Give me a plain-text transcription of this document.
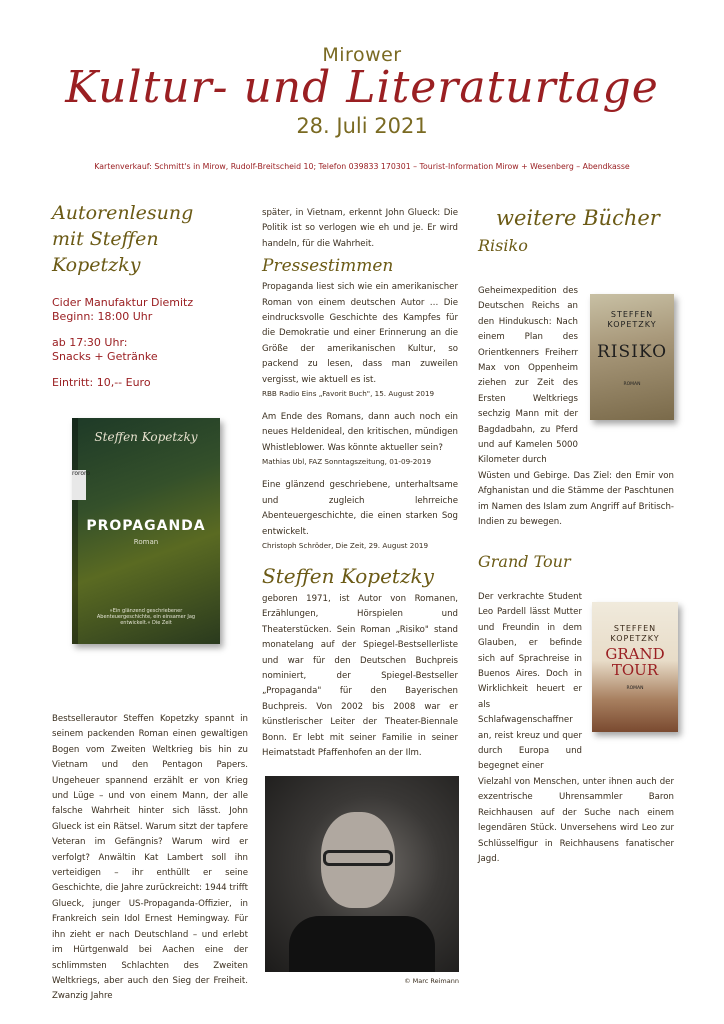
Mirower
Kultur- und Literaturtage
28. Juli 2021
Kartenverkauf: Schmitt's in Mirow, Rudolf-Breitscheid 10; Telefon 039833 170301 – Tourist-Information Mirow + Wesenberg – Abendkasse
Autorenlesung
mit Steffen Kopetzky

Cider Manufaktur Diemitz
Beginn: 18:00 Uhr

ab 17:30 Uhr:
Snacks + Getränke

Eintritt: 10,-- Euro

rororo
Steffen Kopetzky
PROPAGANDA
Roman
»Ein glänzend geschriebener Abenteuergeschichte, ein einsamer Jag entwickelt.« Die Zeit
Bestsellerautor Steffen Kopetzky spannt in seinem packenden Roman einen gewaltigen Bogen vom Zweiten Weltkrieg bis hin zu Vietnam und den Pentagon Papers. Ungeheuer spannend erzählt er von Krieg und Lüge – und von einem Mann, der alle falsche Wahrheit hinter sich lässt. John Glueck ist ein Rätsel. Warum sitzt der tapfere Veteran im Gefängnis? Warum wird er verfolgt? Anwältin Kat Lambert soll ihn verteidigen – ihr enthüllt er seine Geschichte, die Jahre zurückreicht: 1944 trifft Glueck, junger US-Propaganda-Offizier, in Frankreich sein Idol Ernest Hemingway. Für ihn zieht er nach Deutschland – und erlebt im Hürtgenwald bei Aachen eine der schlimmsten Schlachten des Zweiten Weltkriegs, aber auch den Sieg der Freiheit. Zwanzig Jahre
später, in Vietnam, erkennt John Glueck: Die Politik ist so verlogen wie eh und je. Er wird handeln, für die Wahrheit.
Pressestimmen
Propaganda liest sich wie ein amerikanischer Roman von einem deutschen Autor … Die eindrucksvolle Geschichte des Kampfes für die Demokratie und einer Erinnerung an die Größe der amerikanischen Kultur, so packend zu lesen, dass man zuweilen vergisst, wie aktuell es ist.
RBB Radio Eins „Favorit Buch", 15. August 2019
Am Ende des Romans, dann auch noch ein neues Heldenideal, den kritischen, mündigen Whistleblower. Was könnte aktueller sein?
Mathias Ubl, FAZ Sonntagszeitung, 01-09-2019
Eine glänzend geschriebene, unterhaltsame und zugleich lehrreiche Abenteuergeschichte, die einen starken Sog entwickelt.
Christoph Schröder, Die Zeit, 29. August 2019
Steffen Kopetzky
geboren 1971, ist Autor von Romanen, Erzählungen, Hörspielen und Theaterstücken. Sein Roman „Risiko" stand monatelang auf der Spiegel-Bestsellerliste und war für den Deutschen Buchpreis nominiert, der Spiegel-Bestseller „Propaganda" für den Bayerischen Buchpreis. Von 2002 bis 2008 war er künstlerischer Leiter der Theater-Biennale Bonn. Er lebt mit seiner Familie in seiner Heimatstadt Pfaffenhofen an der Ilm.
© Marc Reimann
weitere Bücher
Risiko
Geheimexpedition des Deutschen Reichs an den Hindukusch: Nach einem Plan des Orientkenners Freiherr Max von Oppenheim ziehen zur Zeit des Ersten Weltkriegs sechzig Mann mit der Bagdadbahn, zu Pferd und auf Kamelen 5000 Kilometer durch
Wüsten und Gebirge. Das Ziel: den Emir von Afghanistan und die Stämme der Paschtunen im Namen des Islam zum Angriff auf Britisch-Indien zu bewegen.
STEFFEN KOPETZKY
RISIKO
ROMAN
Grand Tour
Der verkrachte Student Leo Pardell lässt Mutter und Freundin in dem Glauben, er befinde sich auf Sprachreise in Buenos Aires. Doch in Wirklichkeit heuert er als Schlafwagenschaffner an, reist kreuz und quer durch Europa und begegnet einer
Vielzahl von Menschen, unter ihnen auch der exzentrische Uhrensammler Baron Reichhausen auf der Suche nach einem legendären Stück. Unversehens wird Leo zur Schlüsselfigur in Reichhausens fanatischer Jagd.
STEFFEN KOPETZKY
GRAND TOUR
ROMAN
